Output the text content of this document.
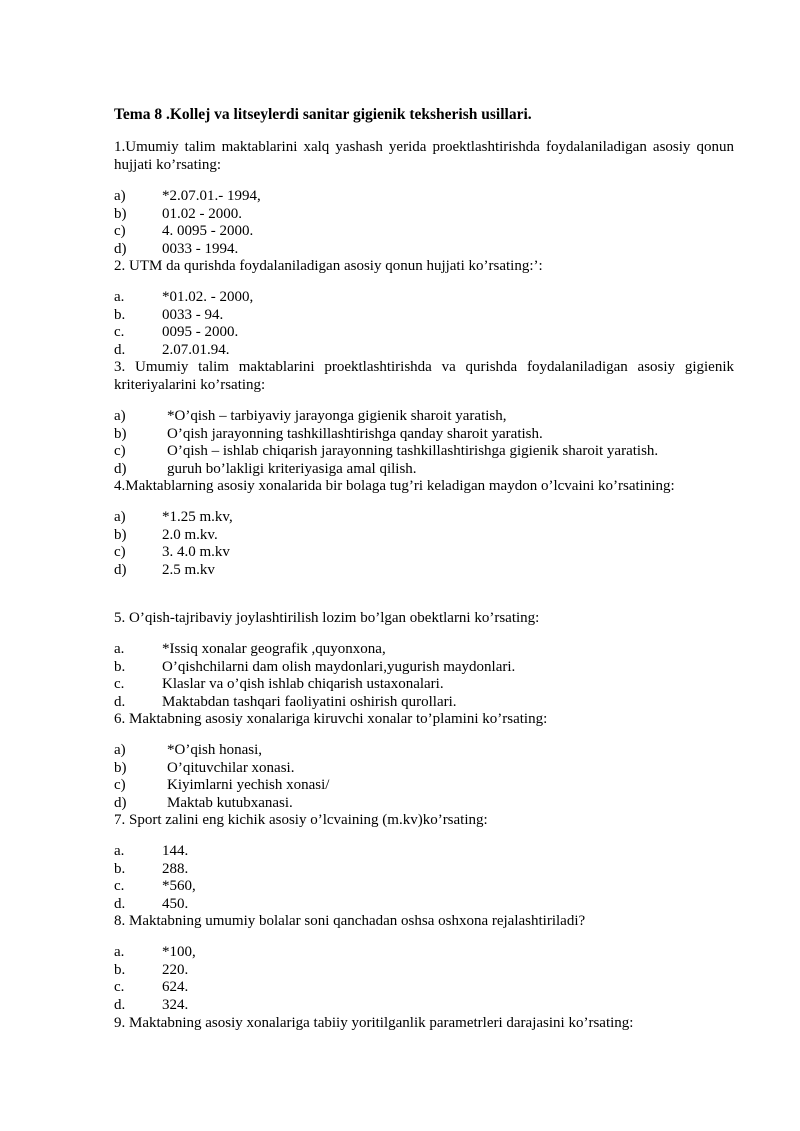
Tema 8 .Kollej va litseylerdi sanitar gigienik teksherish usillari.
1.Umumiy talim maktablarini xalq yashash yerida proektlashtirishda foydalaniladigan asosiy qonun hujjati ko’rsating:
a) *2.07.01.- 1994,
b) 01.02 - 2000.
c) 4. 0095 - 2000.
d) 0033 - 1994.
2. UTM da qurishda foydalaniladigan asosiy qonun hujjati ko’rsating:’:
a.	*01.02. - 2000,
b. 0033 - 94.
c.	0095 - 2000.
d. 2.07.01.94.
3. Umumiy talim maktablarini proektlashtirishda va qurishda foydalaniladigan asosiy gigienik kriteriyalarini ko’rsating:
a)	*O’qish – tarbiyaviy jarayonga gigienik sharoit yaratish,
b)	O’qish jarayonning tashkillashtirishga qanday sharoit yaratish.
c)	O’qish – ishlab chiqarish jarayonning tashkillashtirishga gigienik sharoit yaratish.
d)	guruh bo’lakligi kriteriyasiga amal qilish.
4.Maktablarning asosiy xonalarida bir bolaga tug’ri keladigan maydon o’lcvaini ko’rsatining:
a) *1.25 m.kv,
b) 2.0 m.kv.
c) 3. 4.0 m.kv
d) 2.5 m.kv
5. O’qish-tajribaviy joylashtirilish lozim bo’lgan obektlarni ko’rsating:
a.	*Issiq xonalar geografik ,quyonxona,
b. O’qishchilarni dam olish maydonlari,yugurish maydonlari.
c.	Klaslar va o’qish ishlab chiqarish ustaxonalari.
d. Maktabdan tashqari faoliyatini oshirish qurollari.
6. Maktabning asosiy xonalariga kiruvchi xonalar to’plamini ko’rsating:
a)	*O’qish honasi,
b)	O’qituvchilar xonasi.
c)	Kiyimlarni yechish xonasi/
d)	Maktab kutubxanasi.
7. Sport zalini eng kichik asosiy o’lcvaining (m.kv)ko’rsating:
a.	144.
b. 288.
c.	*560,
d. 450.
8. Maktabning umumiy bolalar soni qanchadan oshsa oshxona rejalashtiriladi?
a.	*100,
b. 220.
c.	624.
d. 324.
9. Maktabning asosiy xonalariga tabiiy yoritilganlik parametrleri darajasini ko’rsating:
